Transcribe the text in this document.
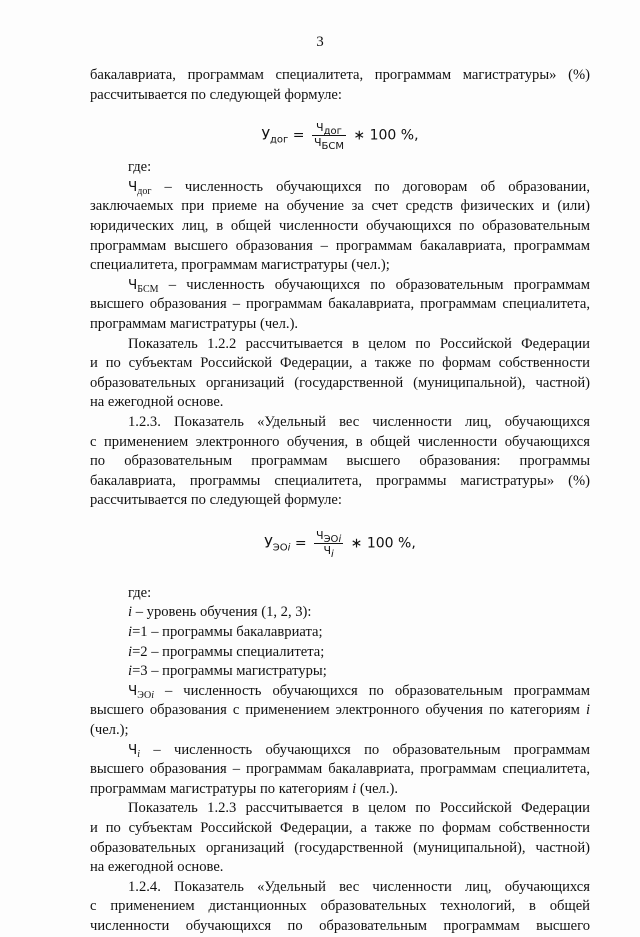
3
бакалавриата, программам специалитета, программам магистратуры» (%)
рассчитывается по следующей формуле:
$У_{дог} = \frac{Ч_{дог}}{Ч_{БСМ}}$ ∗ 100 %,
где:
$Ч_{дог}$ – численность обучающихся по договорам об образовании,
заключаемых при приеме на обучение за счет средств физических и (или)
юридических лиц, в общей численности обучающихся по образовательным
программам высшего образования – программам бакалавриата, программам
специалитета, программам магистратуры (чел.);
$Ч_{БСМ}$ – численность обучающихся по образовательным программам
высшего образования – программам бакалавриата, программам специалитета,
программам магистратуры (чел.).
Показатель 1.2.2 рассчитывается в целом по Российской Федерации
и по субъектам Российской Федерации, а также по формам собственности
образовательных организаций (государственной (муниципальной), частной)
на ежегодной основе.
1.2.3. Показатель «Удельный вес численности лиц, обучающихся
с применением электронного обучения, в общей численности обучающихся
по образовательным программам высшего образования: программы
бакалавриата, программы специалитета, программы магистратуры» (%)
рассчитывается по следующей формуле:
$У_{ЭОi} = \frac{Ч_{ЭОi}}{Ч_i}$ ∗ 100 %,
где:
i – уровень обучения (1, 2, 3):
i=1 – программы бакалавриата;
i=2 – программы специалитета;
i=3 – программы магистратуры;
$Ч_{ЭОi}$ – численность обучающихся по образовательным программам
высшего образования с применением электронного обучения по категориям i
(чел.);
$Ч_i$ – численность обучающихся по образовательным программам
высшего образования – программам бакалавриата, программам специалитета,
программам магистратуры по категориям i (чел.).
Показатель 1.2.3 рассчитывается в целом по Российской Федерации
и по субъектам Российской Федерации, а также по формам собственности
образовательных организаций (государственной (муниципальной), частной)
на ежегодной основе.
1.2.4. Показатель «Удельный вес численности лиц, обучающихся
с применением дистанционных образовательных технологий, в общей
численности обучающихся по образовательным программам высшего
